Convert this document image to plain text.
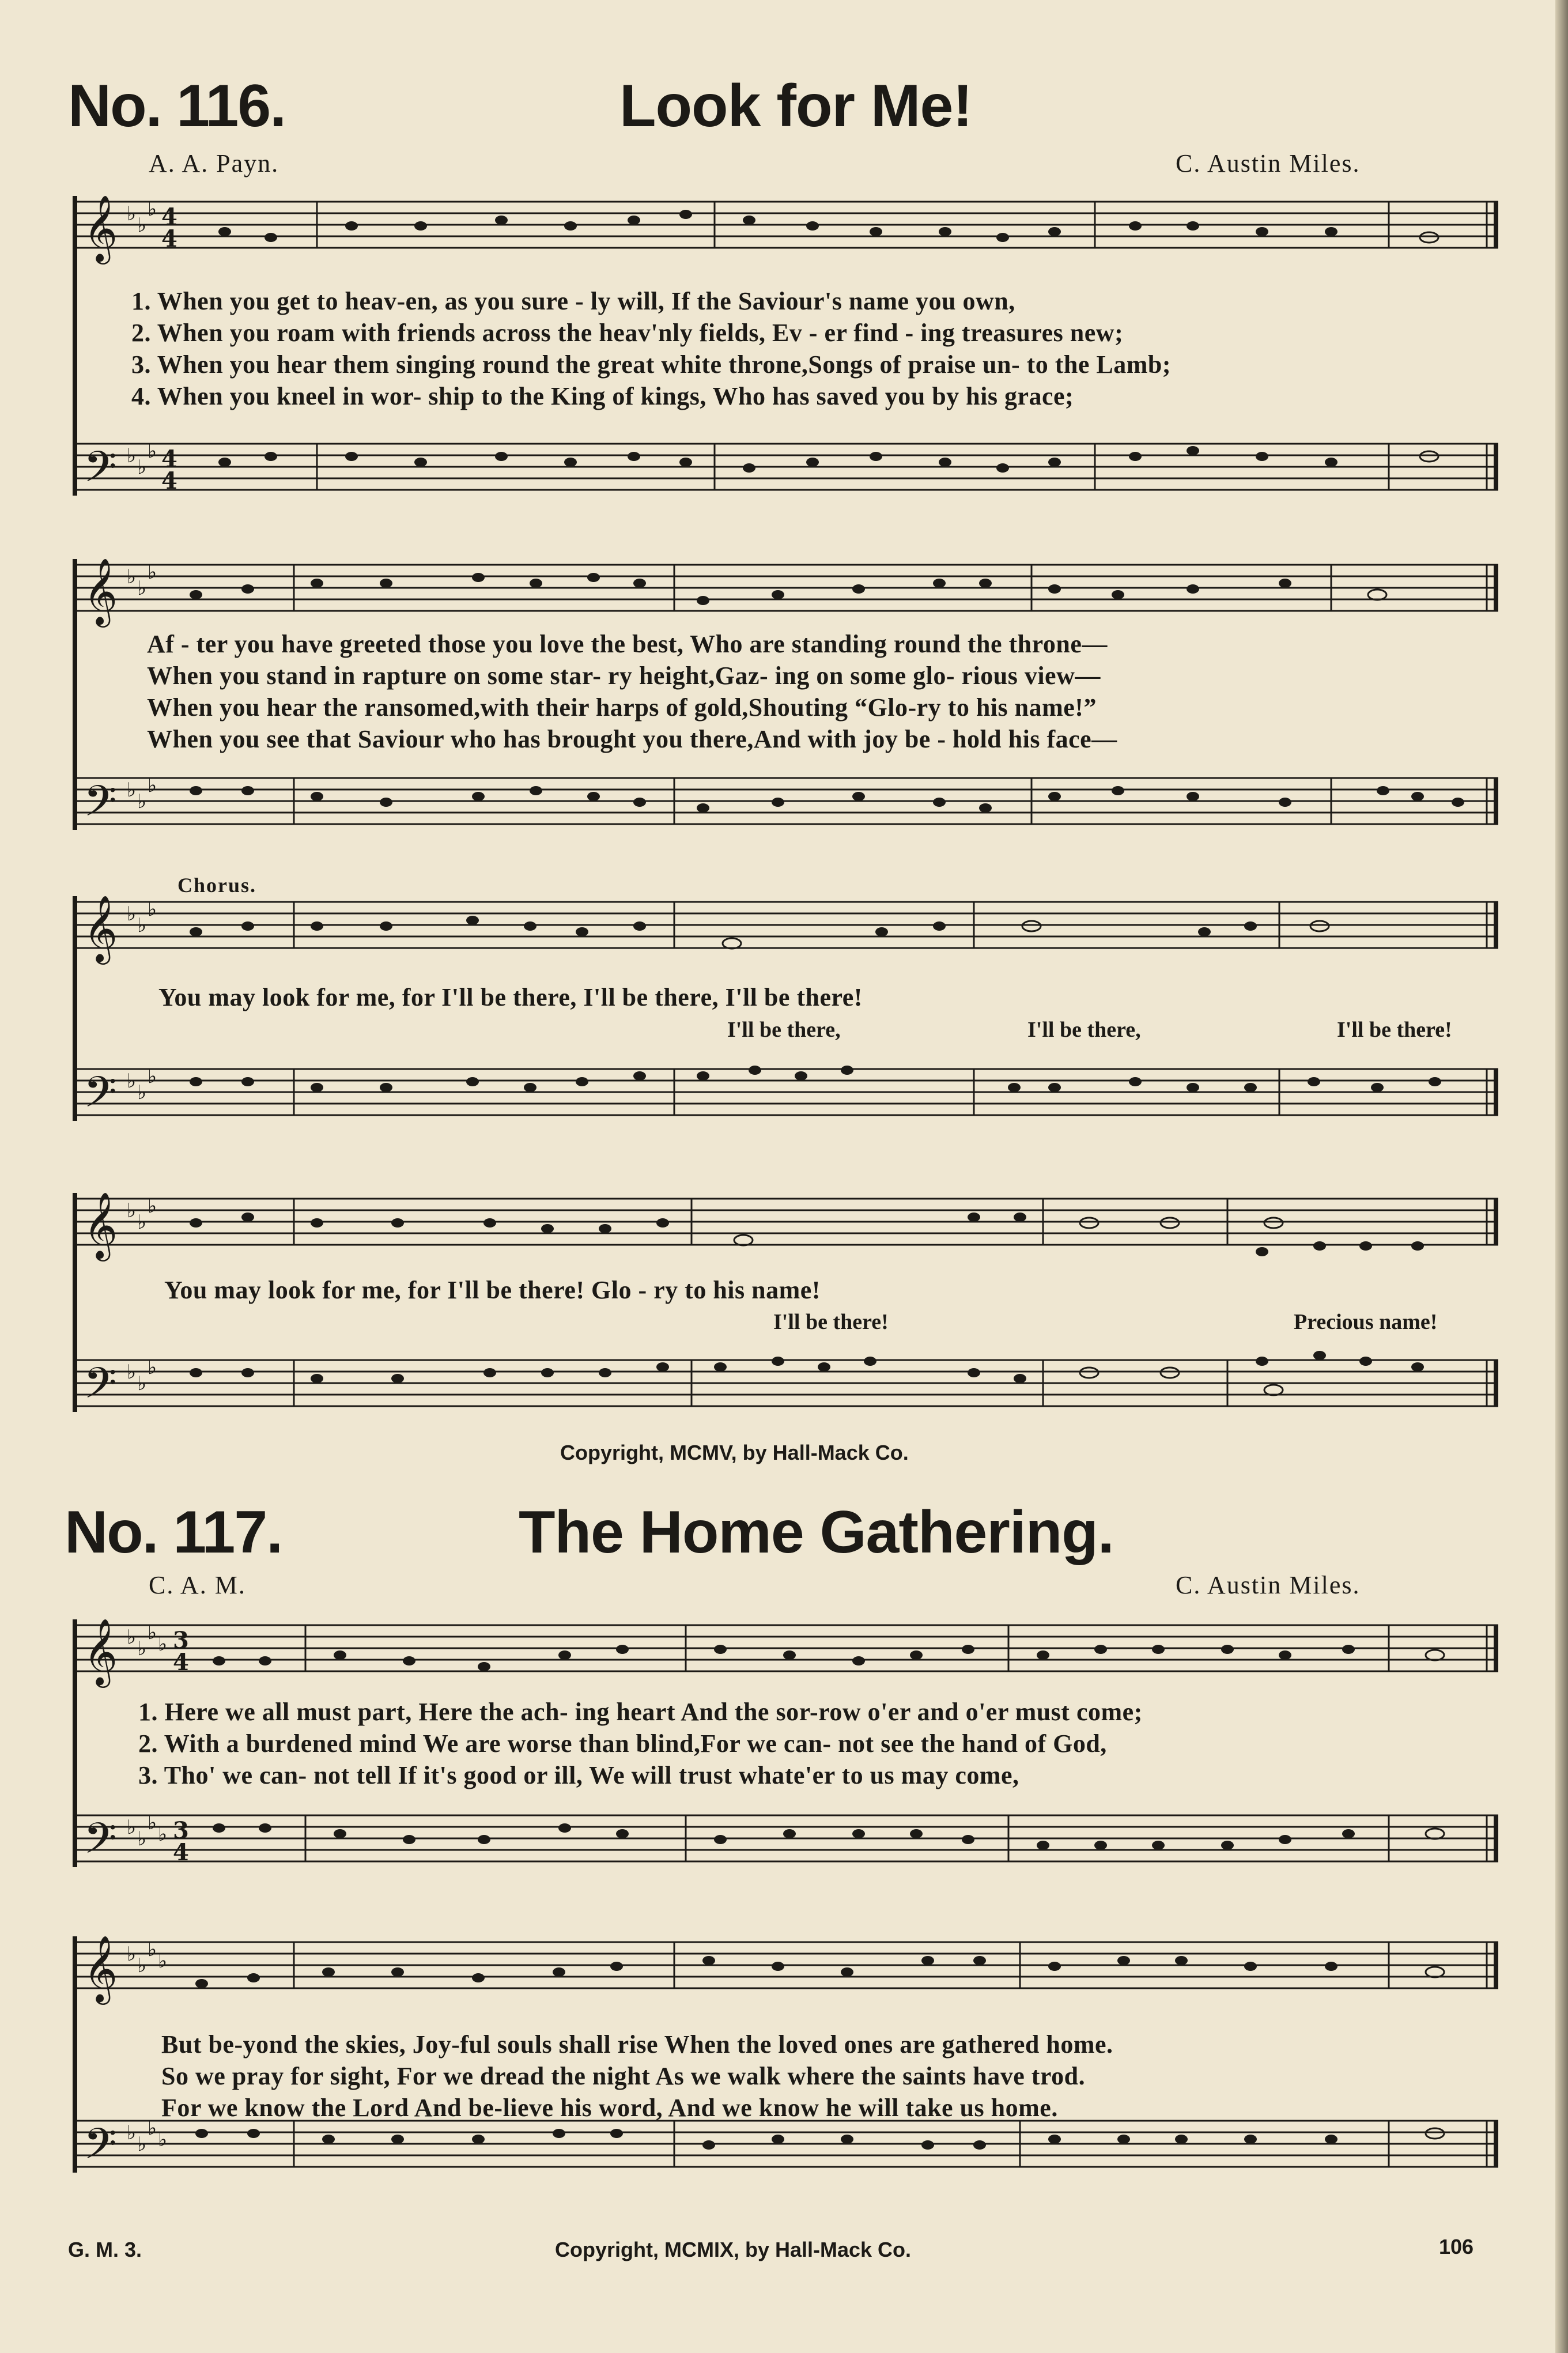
No. 116.	Look for Me!
A. A. Payn.	C. Austin Miles.
𝄞
𝄢
♭ ♭
♭
♭ ♭
♭
4
4
4
4
1. When you get to heav-en, as you sure - ly will, If the Saviour's name you own,
2. When you roam with friends across the heav'nly fields, Ev - er find - ing treasures new;
3. When you hear them singing round the great white throne,Songs of praise un- to the Lamb;
4. When you kneel in wor- ship to the King of kings, Who has saved you by his grace;
𝄞
𝄢
♭ ♭
♭
♭ ♭
♭
Af - ter you have greeted those you love the best, Who are standing round the throne—
When you stand in rapture on some star- ry height,Gaz- ing on some glo- rious view—
When you hear the ransomed,with their harps of gold,Shouting “Glo-ry to his name!”
When you see that Saviour who has brought you there,And with joy be - hold his face—
Chorus.
𝄞
𝄢
♭ ♭
♭
♭ ♭
♭
You may look for me, for I'll be there, I'll be there, I'll be there!
I'll be there,	I'll be there,	I'll be there!
𝄞
𝄢
♭ ♭
♭
♭ ♭
♭
You may look for me, for I'll be there! Glo - ry to his name!
I'll be there!	Precious name!
Copyright, MCMV, by Hall-Mack Co.
No. 117.	The Home Gathering.
C. A. M.	C. Austin Miles.
𝄞
𝄢
♭ ♭
♭ ♭
♭ ♭
♭ ♭
3
4
3
4
1. Here we all must part, Here the ach- ing heart And the sor-row o'er and o'er must come;
2. With a burdened mind We are worse than blind,For we can- not see the hand of God,
3. Tho' we can- not tell If it's good or ill, We will trust whate'er to us may come,
𝄞
𝄢
♭ ♭
♭ ♭
♭ ♭
♭ ♭
But be-yond the skies, Joy-ful souls shall rise When the loved ones are gathered home.
So we pray for sight, For we dread the night As we walk where the saints have trod.
For we know the Lord And be-lieve his word, And we know he will take us home.
G. M. 3.	Copyright, MCMIX, by Hall-Mack Co.	106
